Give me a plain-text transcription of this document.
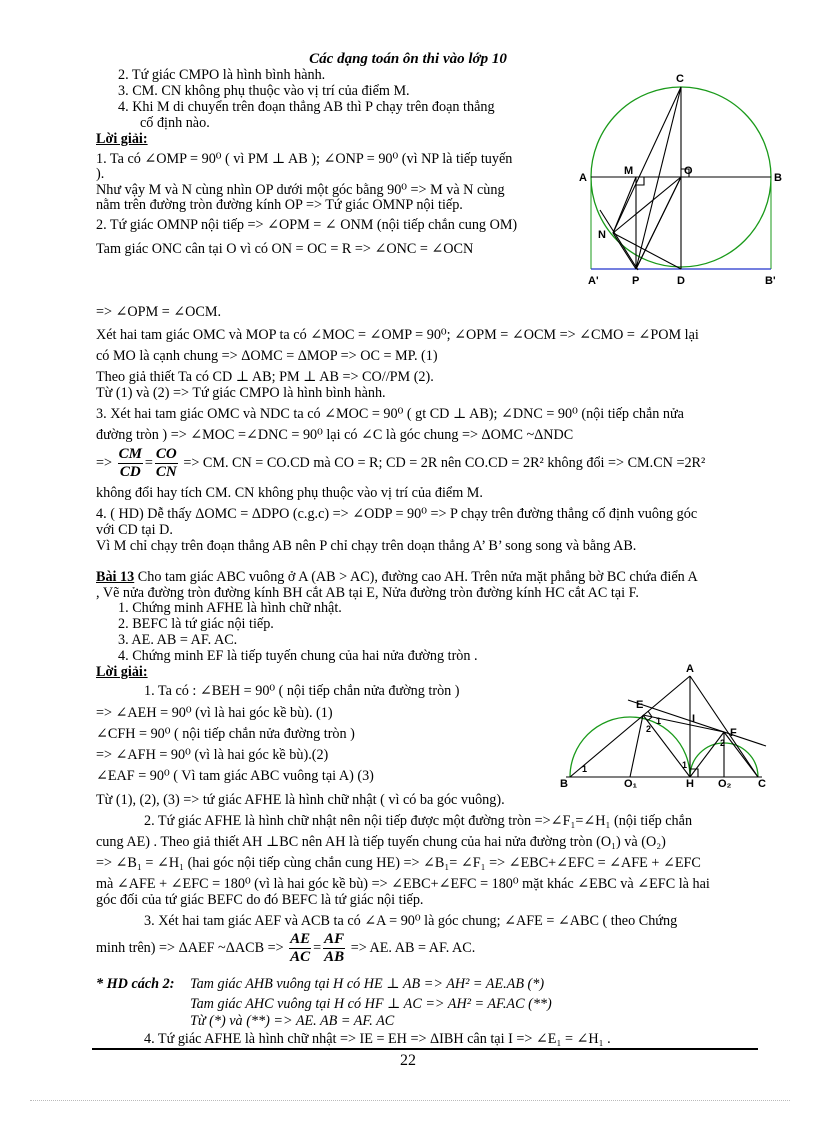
Các dạng toán ôn thi vào lớp 10
2. Tứ giác CMPO là hình bình hành.
3. CM. CN không phụ thuộc vào vị trí của điểm M.
4. Khi M di chuyển trên đoạn thẳng AB thì P chạy trên đoạn thẳng
cố định nào.
Lời giải:
1. Ta có ∠OMP = 90⁰ ( vì PM ⊥ AB ); ∠ONP = 90⁰ (vì NP là tiếp tuyến
).
Như vậy M và N cùng nhìn OP dưới một góc bằng 90⁰ => M và N cùng
nằm trên đường tròn đường kính OP => Tứ giác OMNP nội tiếp.
2. Tứ giác OMNP nội tiếp => ∠OPM = ∠ ONM (nội tiếp chắn cung OM)
Tam giác ONC cân tại O vì có ON = OC = R => ∠ONC = ∠OCN
=> ∠OPM = ∠OCM.
Xét hai tam giác OMC và MOP ta có ∠MOC = ∠OMP = 90⁰; ∠OPM = ∠OCM => ∠CMO = ∠POM lại
có MO là cạnh chung => ΔOMC = ΔMOP => OC = MP. (1)
Theo giả thiết Ta có CD ⊥ AB; PM ⊥ AB => CO//PM (2).
Từ (1) và (2) => Tứ giác CMPO là hình bình hành.
3. Xét hai tam giác OMC và NDC ta có ∠MOC = 90⁰ ( gt CD ⊥ AB); ∠DNC = 90⁰ (nội tiếp chắn nửa
đường tròn ) => ∠MOC =∠DNC = 90⁰ lại có ∠C là góc chung => ΔOMC ~ΔNDC
=> $\frac{CM}{CD} = \frac{CO}{CN}$ => CM. CN = CO.CD mà CO = R; CD = 2R nên CO.CD = 2R² không đổi => CM.CN =2R²
không đổi hay tích CM. CN không phụ thuộc vào vị trí của điểm M.
4. ( HD) Dễ thấy ΔOMC = ΔDPO (c.g.c) => ∠ODP = 90⁰ => P chạy trên đường thẳng cố định vuông góc
với CD tại D.
Vì M chỉ chạy trên đoạn thẳng AB nên P chỉ chạy trên doạn thẳng A’ B’ song song và bằng AB.
Bài 13 Cho tam giác ABC vuông ở A (AB > AC), đường cao AH. Trên nửa mặt phẳng bờ BC chứa điển A
, Vẽ nửa đường tròn đường kính BH cắt AB tại E, Nửa đường tròn đường kính HC cắt AC tại F.
1. Chứng minh AFHE là hình chữ nhật.
2. BEFC là tứ giác nội tiếp.
3. AE. AB = AF. AC.
4. Chứng minh EF là tiếp tuyến chung của hai nửa đường tròn .
Lời giải:
1. Ta có : ∠BEH = 90⁰ ( nội tiếp chắn nửa đường tròn )
=> ∠AEH = 90⁰ (vì là hai góc kề bù). (1)
∠CFH = 90⁰ ( nội tiếp chắn nửa đường tròn )
=> ∠AFH = 90⁰ (vì là hai góc kề bù).(2)
∠EAF = 90⁰ ( Vì tam giác ABC vuông tại A) (3)
Từ (1), (2), (3) => tứ giác AFHE là hình chữ nhật ( vì có ba góc vuông).
2. Tứ giác AFHE là hình chữ nhật nên nội tiếp được một đường tròn =>∠F₁=∠H₁ (nội tiếp chắn
cung AE) . Theo giả thiết AH ⊥BC nên AH là tiếp tuyến chung của hai nửa đường tròn (O₁) và (O₂)
=> ∠B₁ = ∠H₁ (hai góc nội tiếp cùng chắn cung HE) => ∠B₁= ∠F₁ => ∠EBC+∠EFC = ∠AFE + ∠EFC
mà ∠AFE + ∠EFC = 180⁰ (vì là hai góc kề bù) => ∠EBC+∠EFC = 180⁰ mặt khác ∠EBC và ∠EFC là hai
góc đối của tứ giác BEFC do đó BEFC là tứ giác nội tiếp.
3. Xét hai tam giác AEF và ACB ta có ∠A = 90⁰ là góc chung; ∠AFE = ∠ABC ( theo Chứng
minh trên) => ΔAEF ~ΔACB => $\frac{AE}{AC} = \frac{AF}{AB}$ => AE. AB = AF. AC.
* HD cách 2: Tam giác AHB vuông tại H có HE ⊥ AB => AH² = AE.AB (*)
Tam giác AHC vuông tại H có HF ⊥ AC => AH² = AF.AC (**)
Từ (*) và (**) => AE. AB = AF. AC
4. Tứ giác AFHE là hình chữ nhật => IE = EH => ΔIBH cân tại I => ∠E₁ = ∠H₁ .
22
C
A
M	O
B
N
A'	P	D	B'
A
E
I
F
B	O₁	H O₂ C
1
2
1
1
2
